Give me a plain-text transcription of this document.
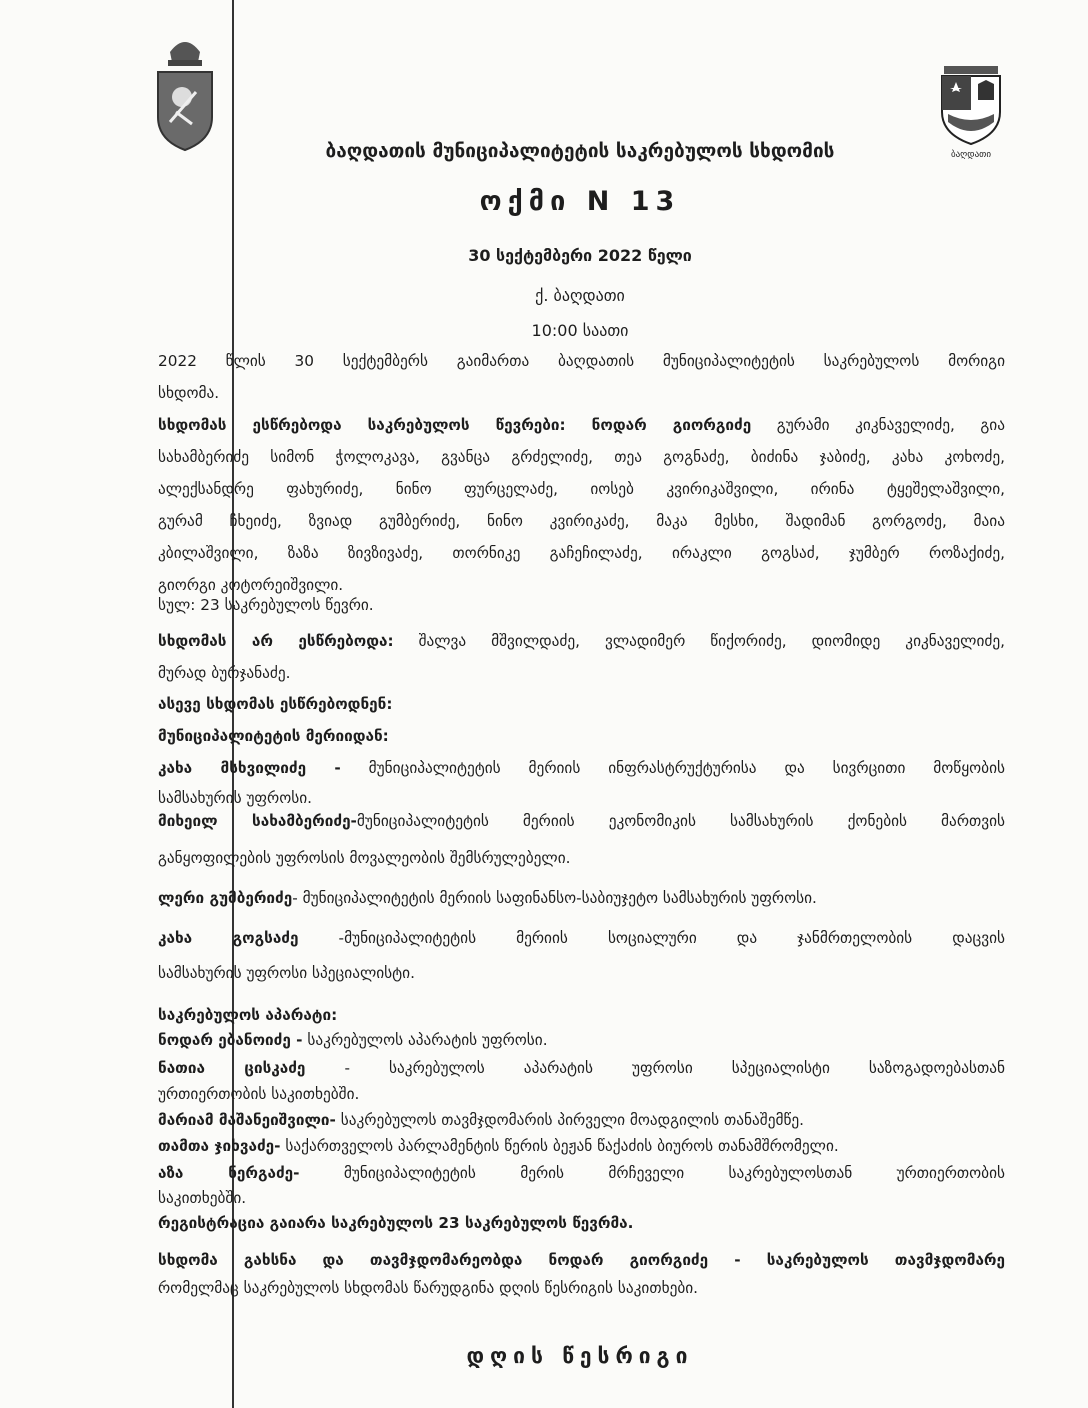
ბაღდათი
ბაღდათის მუნიციპალიტეტის საკრებულოს სხდომის
ოქმი N 13
30 სექტემბერი 2022 წელი
ქ. ბაღდათი
10:00 საათი
2022 წლის 30 სექტემბერს გაიმართა ბაღდათის მუნიციპალიტეტის საკრებულოს მორიგი
სხდომა.
სხდომას ესწრებოდა საკრებულოს წევრები: ნოდარ გიორგიძე გურამი კიკნაველიძე, გია
სახამბერიძე სიმონ ჭოლოკავა, გვანცა გრძელიძე, თეა გოგნაძე, ბიძინა ჯაბიძე, კახა კოხოძე,
ალექსანდრე ფახურიძე, ნინო ფურცელაძე, იოსებ კვირიკაშვილი, ირინა ტყეშელაშვილი,
გურამ ჩხეიძე, ზვიად გუმბერიძე, ნინო კვირიკაძე, მაკა მესხი, შადიმან გორგოძე, მაია
კბილაშვილი, ზაზა ზივზივაძე, თორნიკე გაჩეჩილაძე, ირაკლი გოგსაძ, ჯუმბერ როზაქიძე,
გიორგი კოტორეიშვილი.
სულ: 23 საკრებულოს წევრი.
სხდომას არ ესწრებოდა: შალვა მშვილდაძე, ვლადიმერ წიქორიძე, დიომიდე კიკნაველიძე,
მურად ბურჯანაძე.
ასევე სხდომას ესწრებოდნენ:
მუნიციპალიტეტის მერიიდან:
კახა მსხვილიძე - მუნიციპალიტეტის მერიის ინფრასტრუქტურისა და სივრცითი მოწყობის
სამსახურის უფროსი.
მიხეილ სახამბერიძე-მუნიციპალიტეტის მერიის ეკონომიკის სამსახურის ქონების მართვის
განყოფილების უფროსის მოვალეობის შემსრულებელი.
ლერი გუმბერიძე- მუნიციპალიტეტის მერიის საფინანსო-საბიუჯეტო სამსახურის უფროსი.
კახა გოგსაძე -მუნიციპალიტეტის მერიის სოციალური და ჯანმრთელობის დაცვის
სამსახურის უფროსი სპეციალისტი.
საკრებულოს აპარატი:
ნოდარ ებანოიძე - საკრებულოს აპარატის უფროსი.
ნათია ცისკაძე - საკრებულოს აპარატის უფროსი სპეციალისტი საზოგადოებასთან
ურთიერთობის საკითხებში.
მარიამ მაშანეიშვილი- საკრებულოს თავმჯდომარის პირველი მოადგილის თანაშემწე.
თამთა ჯიხვაძე- საქართველოს პარლამენტის წერის ბეჟან წაქაძის ბიუროს თანამშრომელი.
აზა ნერგაძე- მუნიციპალიტეტის მერის მრჩეველი საკრებულოსთან ურთიერთობის
საკითხებში.
რეგისტრაცია გაიარა საკრებულოს 23 საკრებულოს წევრმა.
სხდომა გახსნა და თავმჯდომარეობდა ნოდარ გიორგიძე - საკრებულოს თავმჯდომარე
რომელმაც საკრებულოს სხდომას წარუდგინა დღის წესრიგის საკითხები.
დღის წესრიგი
